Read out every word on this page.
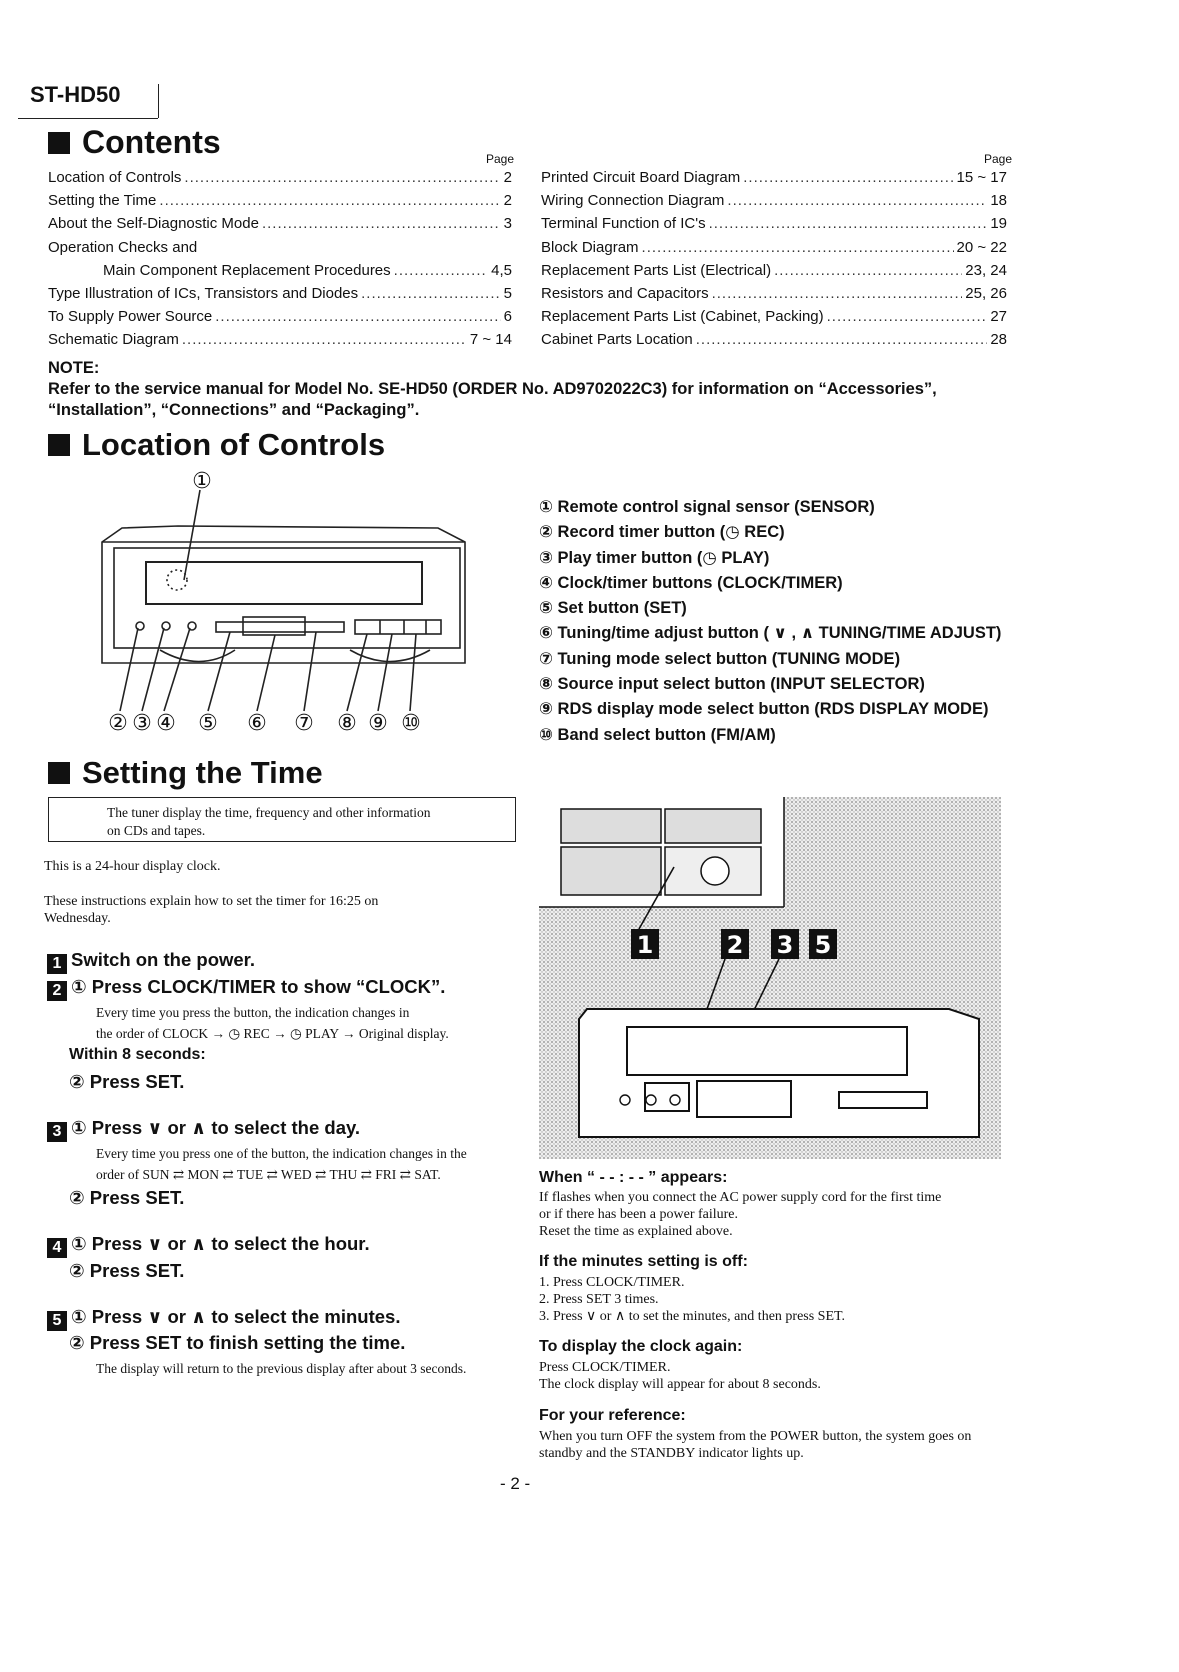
ST-HD50
Contents	Page	Page
Location of Controls .....	2
Setting the Time .....	2
About the Self-Diagnostic Mode .....	3
Operation Checks and
Main Component Replacement Procedures .....	4,5
Type Illustration of ICs, Transistors and Diodes .....	5
To Supply Power Source .....	6
Schematic Diagram .....	7 ~ 14
Printed Circuit Board Diagram .....	15 ~ 17
Wiring Connection Diagram .....	18
Terminal Function of IC's .....	19
Block Diagram .....	20 ~ 22
Replacement Parts List (Electrical) .....	23, 24
Resistors and Capacitors .....	25, 26
Replacement Parts List (Cabinet, Packing) .....	27
Cabinet Parts Location .....	28
NOTE:
Refer to the service manual for Model No. SE-HD50 (ORDER No. AD9702022C3) for information on “Accessories”,
“Installation”, “Connections” and “Packaging”.
Location of Controls
①
② ③ ④ ⑤ ⑥ ⑦ ⑧ ⑨ ⑩
① Remote control signal sensor (SENSOR)
② Record timer button (◷ REC)
③ Play timer button (◷ PLAY)
④ Clock/timer buttons (CLOCK/TIMER)
⑤ Set button (SET)
⑥ Tuning/time adjust button ( ∨ , ∧ TUNING/TIME ADJUST)
⑦ Tuning mode select button (TUNING MODE)
⑧ Source input select button (INPUT SELECTOR)
⑨ RDS display mode select button (RDS DISPLAY MODE)
⑩ Band select button (FM/AM)
Setting the Time
The tuner display the time, frequency and other information
on CDs and tapes.
This is a 24-hour display clock.
These instructions explain how to set the timer for 16:25 on
Wednesday.
1 Switch on the power.
2 ① Press CLOCK/TIMER to show “CLOCK”.
Every time you press the button, the indication changes in
the order of CLOCK → ◷ REC → ◷ PLAY → Original display.
Within 8 seconds:
② Press SET.
3 ① Press ∨ or ∧ to select the day.
Every time you press one of the button, the indication changes in the
order of SUN ⇄ MON ⇄ TUE ⇄ WED ⇄ THU ⇄ FRI ⇄ SAT.
② Press SET.
4 ① Press ∨ or ∧ to select the hour.
② Press SET.
5 ① Press ∨ or ∧ to select the minutes.
② Press SET to finish setting the time.
The display will return to the previous display after about 3 seconds.
1	2 3 5
When “ - - : - - ” appears:
If flashes when you connect the AC power supply cord for the first time
or if there has been a power failure.
Reset the time as explained above.
If the minutes setting is off:
1. Press CLOCK/TIMER.
2. Press SET 3 times.
3. Press ∨ or ∧ to set the minutes, and then press SET.
To display the clock again:
Press CLOCK/TIMER.
The clock display will appear for about 8 seconds.
For your reference:
When you turn OFF the system from the POWER button, the system goes on
standby and the STANDBY indicator lights up.
- 2 -
